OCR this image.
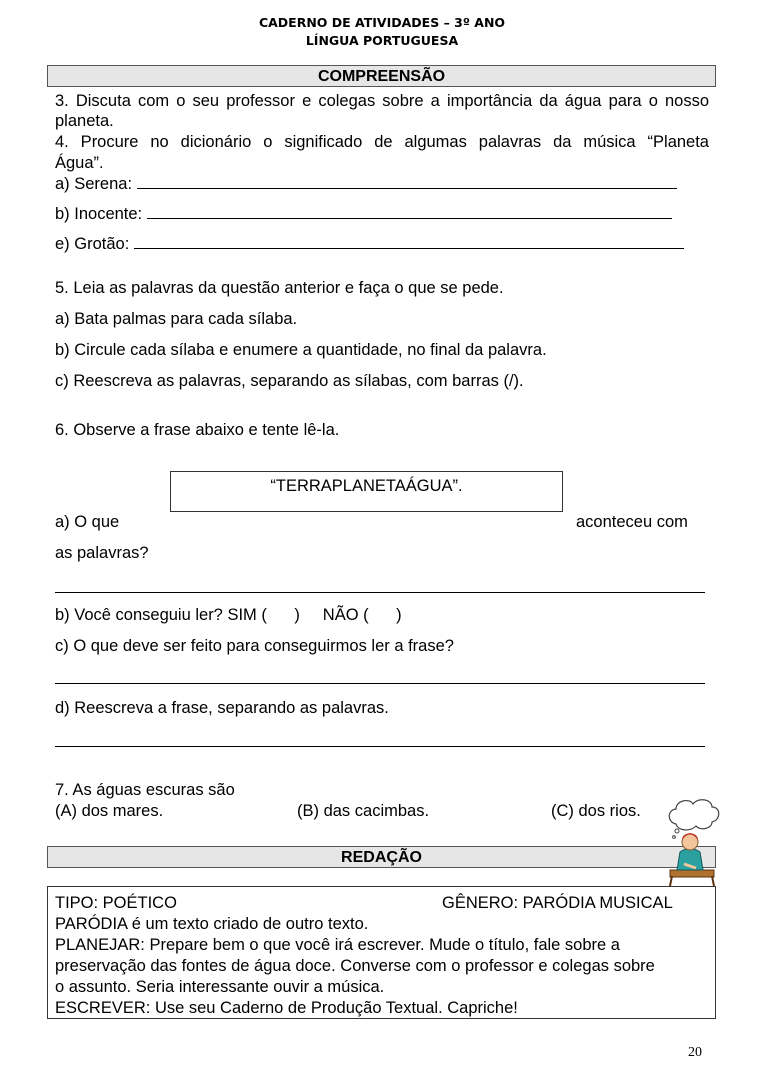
CADERNO DE ATIVIDADES – 3º ANO
LÍNGUA PORTUGUESA
COMPREENSÃO
3. Discuta com o seu professor e colegas sobre a importância da água para o nosso planeta.
4. Procure no dicionário o significado de algumas palavras da música “Planeta
Água”.
a) Serena:
b) Inocente:
e) Grotão:
5. Leia as palavras da questão anterior e faça o que se pede.
a) Bata palmas para cada sílaba.
b) Circule cada sílaba e enumere a quantidade, no final da palavra.
c) Reescreva as palavras, separando as sílabas, com barras (/).
6. Observe a frase abaixo e tente lê-la.
“TERRAPLANETAÁGUA”.
a) O que	aconteceu com
as palavras?
b) Você conseguiu ler? SIM (      )     NÃO (      )
c) O que deve ser feito para conseguirmos ler a frase?
d) Reescreva a frase, separando as palavras.
7. As águas escuras são
(A) dos mares.	(B) das cacimbas.	(C) dos rios.
REDAÇÃO
TIPO: POÉTICO	GÊNERO: PARÓDIA MUSICAL
PARÓDIA é um texto criado de outro texto.
PLANEJAR: Prepare bem o que você irá escrever. Mude o título, fale sobre a
preservação das fontes de água doce. Converse com o professor e colegas sobre
o assunto. Seria interessante ouvir a música.
ESCREVER: Use seu Caderno de Produção Textual. Capriche!
20
